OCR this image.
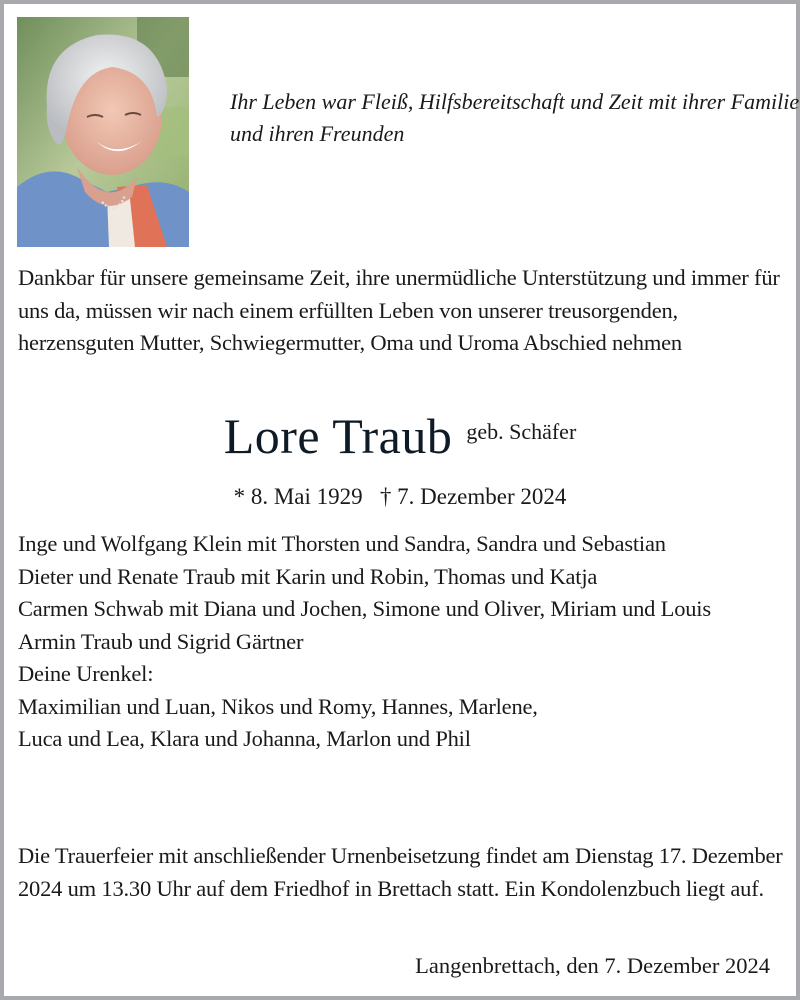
Ihr Leben war Fleiß, Hilfsbereitschaft und Zeit mit ihrer Familie und ihren Freunden

Dankbar für unsere gemeinsame Zeit, ihre unermüdliche Unterstützung und immer für uns da, müssen wir nach einem erfüllten Leben von unserer treusorgenden, herzensguten Mutter, Schwiegermutter, Oma und Uroma Abschied nehmen

Lore Traub geb. Schäfer
* 8. Mai 1929 † 7. Dezember 2024
Inge und Wolfgang Klein mit Thorsten und Sandra, Sandra und Sebastian
Dieter und Renate Traub mit Karin und Robin, Thomas und Katja
Carmen Schwab mit Diana und Jochen, Simone und Oliver, Miriam und Louis
Armin Traub und Sigrid Gärtner
Deine Urenkel:
Maximilian und Luan, Nikos und Romy, Hannes, Marlene,
Luca und Lea, Klara und Johanna, Marlon und Phil

Die Trauerfeier mit anschließender Urnenbeisetzung findet am Dienstag 17. Dezember 2024 um 13.30 Uhr auf dem Friedhof in Brettach statt. Ein Kondolenzbuch liegt auf.

Langenbrettach, den 7. Dezember 2024
